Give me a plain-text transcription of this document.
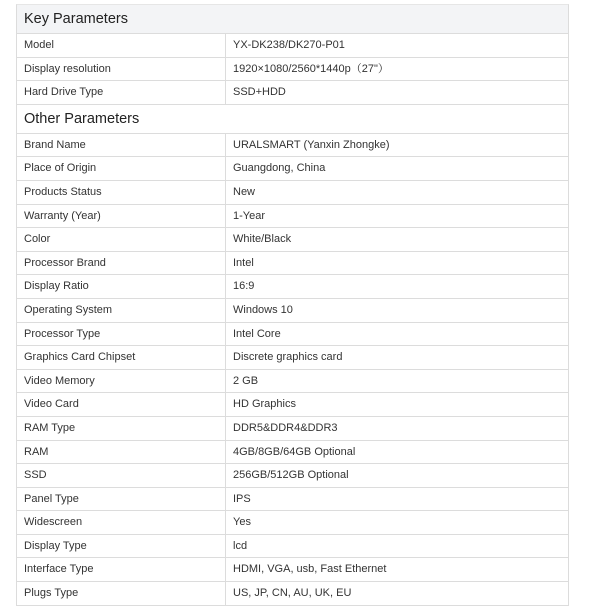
Key Parameters
Model	YX-DK238/DK270-P01
Display resolution	1920×1080/2560*1440p（27"）
Hard Drive Type	SSD+HDD
Other Parameters
Brand Name	URALSMART (Yanxin Zhongke)
Place of Origin	Guangdong, China
Products Status	New
Warranty (Year)	1-Year
Color	White/Black
Processor Brand	Intel
Display Ratio	16:9
Operating System	Windows 10
Processor Type	Intel Core
Graphics Card Chipset	Discrete graphics card
Video Memory	2 GB
Video Card	HD Graphics
RAM Type	DDR5&DDR4&DDR3
RAM	4GB/8GB/64GB Optional
SSD	256GB/512GB Optional
Panel Type	IPS
Widescreen	Yes
Display Type	lcd
Interface Type	HDMI, VGA, usb, Fast Ethernet
Plugs Type	US, JP, CN, AU, UK, EU
